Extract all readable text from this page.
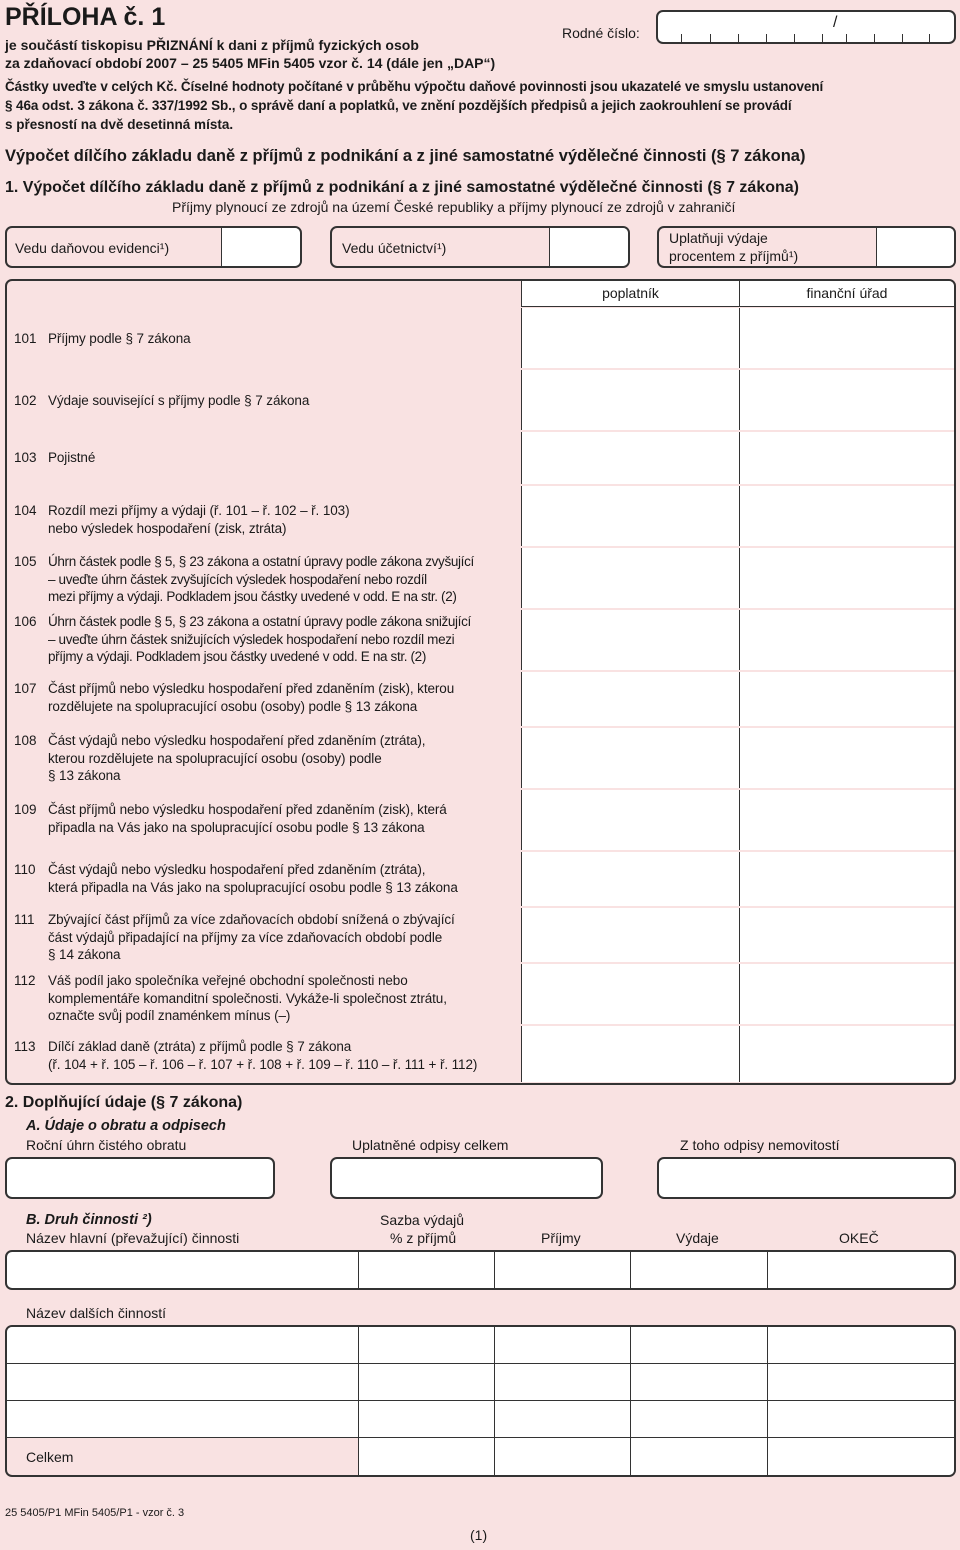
PŘÍLOHA č. 1
je součástí tiskopisu PŘIZNÁNÍ k dani z příjmů fyzických osob
za zdaňovací období 2007 – 25 5405 MFin 5405 vzor č. 14 (dále jen „DAP“)
Rodné číslo:
/
Částky uveďte v celých Kč. Číselné hodnoty počítané v průběhu výpočtu daňové povinnosti jsou ukazatelé ve smyslu ustanovení
§ 46a odst. 3 zákona č. 337/1992 Sb., o správě daní a poplatků, ve znění pozdějších předpisů a jejich zaokrouhlení se provádí
s přesností na dvě desetinná místa.
Výpočet dílčího základu daně z příjmů z podnikání a z jiné samostatné výdělečné činnosti (§ 7 zákona)
1. Výpočet dílčího základu daně z příjmů z podnikání a z jiné samostatné výdělečné činnosti (§ 7 zákona)
Příjmy plynoucí ze zdrojů na území České republiky a příjmy plynoucí ze zdrojů v zahraničí
Vedu daňovou evidenci¹)	Vedu účetnictví¹)
Uplatňuji výdaje
procentem z příjmů¹)
poplatník	finanční úřad
101 Příjmy podle § 7 zákona
102 Výdaje související s příjmy podle § 7 zákona
103 Pojistné
104 Rozdíl mezi příjmy a výdaji (ř. 101 – ř. 102 – ř. 103)
nebo výsledek hospodaření (zisk, ztráta)
105 Úhrn částek podle § 5, § 23 zákona a ostatní úpravy podle zákona zvyšující
– uveďte úhrn částek zvyšujících výsledek hospodaření nebo rozdíl
mezi příjmy a výdaji. Podkladem jsou částky uvedené v odd. E na str. (2)
106 Úhrn částek podle § 5, § 23 zákona a ostatní úpravy podle zákona snižující
– uveďte úhrn částek snižujících výsledek hospodaření nebo rozdíl mezi
příjmy a výdaji. Podkladem jsou částky uvedené v odd. E na str. (2)
107 Část příjmů nebo výsledku hospodaření před zdaněním (zisk), kterou
rozdělujete na spolupracující osobu (osoby) podle § 13 zákona
108 Část výdajů nebo výsledku hospodaření před zdaněním (ztráta),
kterou rozdělujete na spolupracující osobu (osoby) podle
§ 13 zákona
109 Část příjmů nebo výsledku hospodaření před zdaněním (zisk), která
připadla na Vás jako na spolupracující osobu podle § 13 zákona
110 Část výdajů nebo výsledku hospodaření před zdaněním (ztráta),
která připadla na Vás jako na spolupracující osobu podle § 13 zákona
111 Zbývající část příjmů za více zdaňovacích období snížená o zbývající
část výdajů připadající na příjmy za více zdaňovacích období podle
§ 14 zákona
112 Váš podíl jako společníka veřejné obchodní společnosti nebo
komplementáře komanditní společnosti. Vykáže-li společnost ztrátu,
označte svůj podíl znaménkem mínus (–)
113 Dílčí základ daně (ztráta) z příjmů podle § 7 zákona
(ř. 104 + ř. 105 – ř. 106 – ř. 107 + ř. 108 + ř. 109 – ř. 110 – ř. 111 + ř. 112)
2. Doplňující údaje (§ 7 zákona)
A. Údaje o obratu a odpisech
Roční úhrn čistého obratu	Uplatněné odpisy celkem	Z toho odpisy nemovitostí
B. Druh činnosti ²)	Sazba výdajů
Název hlavní (převažující) činnosti	% z příjmů	Příjmy	Výdaje	OKEČ
Název dalších činností
Celkem
25 5405/P1 MFin 5405/P1 - vzor č. 3
(1)
